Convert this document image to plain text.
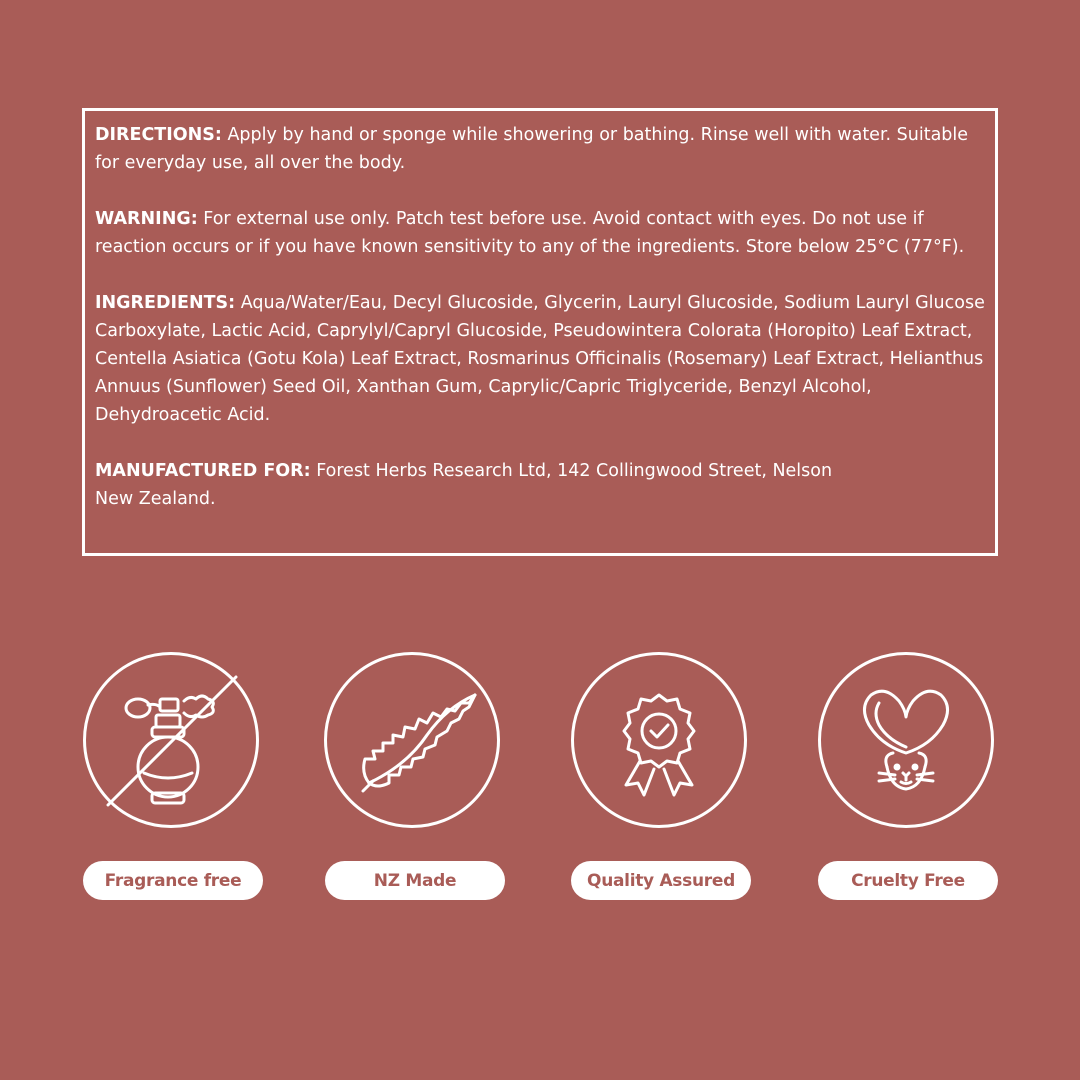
DIRECTIONS: Apply by hand or sponge while showering or bathing. Rinse well with water. Suitable for everyday use, all over the body.

WARNING: For external use only. Patch test before use. Avoid contact with eyes. Do not use if reaction occurs or if you have known sensitivity to any of the ingredients. Store below 25°C (77°F).

INGREDIENTS: Aqua/Water/Eau, Decyl Glucoside, Glycerin, Lauryl Glucoside, Sodium Lauryl Glucose Carboxylate, Lactic Acid, Caprylyl/Capryl Glucoside, Pseudowintera Colorata (Horopito) Leaf Extract, Centella Asiatica (Gotu Kola) Leaf Extract, Rosmarinus Officinalis (Rosemary) Leaf Extract, Helianthus Annuus (Sunflower) Seed Oil, Xanthan Gum, Caprylic/Capric Triglyceride, Benzyl Alcohol, Dehydroacetic Acid.

MANUFACTURED FOR: Forest Herbs Research Ltd, 142 Collingwood Street, Nelson New Zealand.

Fragrance free	NZ Made	Quality Assured	Cruelty Free
